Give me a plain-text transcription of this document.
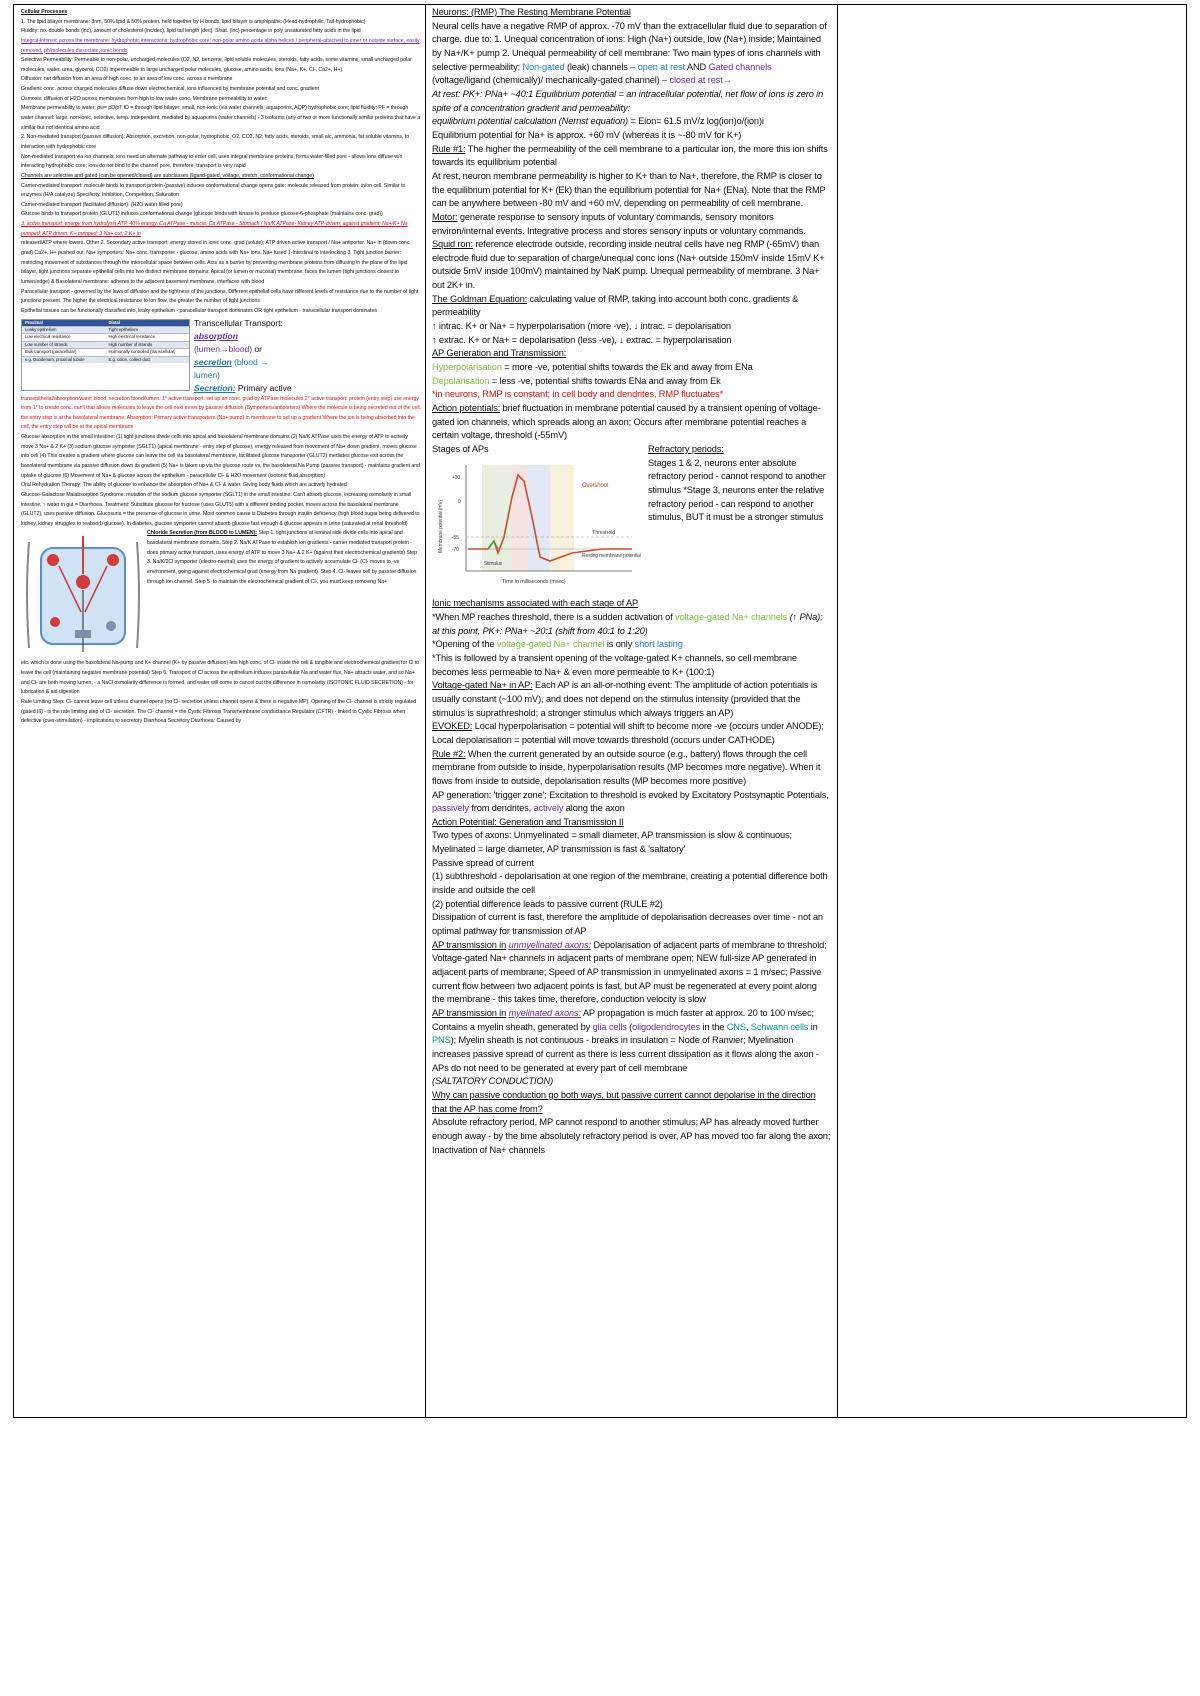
Cellular Processes

1. The lipid bilayer membrane: 3nm, 50% lipid & 50% protein, held together by H bonds, lipid bilayer is amphipathic (Head-hydrophilic, Tail-hydrophobic)

Fluidity: no. double bonds (inc), amount of cholesterol (inc/dec), lipid tail length (dec), S/sat. (inc) percentage in poly unsaturated fatty acids in the lipid

Integral-Intrinsic across the membrane: hydrophobic interactions; hydrophobic core; non-polar amino acids alpha helices / peripheral-attached to inner or outside surface, easily removed, ph/molecules dissociate, ionic bonds

Selective Permeability: Permeable to non-polar, uncharged molecules (O2, N2, benzene, lipid soluble molecules, steroids, fatty acids, some vitamins, small uncharged polar molecules, water, urea, glycerol, CO2) impermeable to large uncharged polar molecules, glucose, amino acids, ions (Na+, K+, Cl-, Ca2+, H+)

Diffusion: net diffusion from an area of high conc. to an area of low conc. across a membrane

Gradient: conc. across charged molecules diffuse down electrochemical, ions influenced by membrane potential and conc. gradient

Osmosis: diffusion of H2O across membranes from high to low water conc. Membrane permeability to water:

Membrane permeability to water: pw= pD/pT fD = through lipid bilayer: small, non-ionic (via water channels; aquaporins, AQP) hydrophobic core; lipid fluidity; PF = through water channel: large, non-ionic, selective, temp. independent, mediated by aquaporins (water channels) - 3 isoforms (any of two or more functionally similar proteins that have a similar but not identical amino acid

2. Non-mediated transport (passive diffusion): Absorption, excretion, non-polar, hydrophobic, O2, CO2, N2, fatty acids, steroids, small alc, ammonia, fat soluble vitamins, to interaction with hydrophobic core

Non-mediated transport via ion channels: ions need an alternate pathway to enter cell, uses integral membrane proteins, forms water-filled pore - allows ions diffuse w/o interacting hydrophobic core; ions do not bind to the channel pore, therefore, transport is very rapid

Channels are selective and gated (can be opened/closed) are subclasses (ligand-gated, voltage, stretch, conformational change)

Carrier-mediated transport: molecule binds to transport protein (passive) induces conformational change opens gate: molecule released from protein: in/on cell. Similar to enzymes (H/A catalyze) Specificity, Inhibition, Competition, Saturation

Carrier-mediated transport (facilitated diffusion): (H2O water filled pore)

Glucose binds to transport protein (GLUT1) induces conformational change (glucose binds with kinase to produce glucose-6-phosphate (maintains conc. grad))

3. active transport: energy from hydrolysis ATP, 40% energy. Ca ATPase - muscle, Ca ATPase - Stomach / Na/K ATPase- Kidney ATP-driven; against gradient; Na+/K+ Na pumped; ATP driven; K+ pumped; 3 Na+ out, 2 K+ in

released/ATP where lowers. Other 2. Secondary active transport: energy stored in ionic conc. grad (solute); ATP driven active transport / Na+ antiporter. Na+ in (down conc. grad) Ca2+, H+ pushed out. Na+ symporters: Na+ conc. transporter - glucose, amino acids with Na+ ions. Na+ fused 1-Intestinal to interlocking 3. Tight junction barrier: restricting movement of substances through the intercellular space between cells. Acts as a barrier by preventing membrane proteins from diffusing in the plane of the lipid bilayer, tight junctions separate epithelial cells into two distinct membrane domains: Apical (or lumen or mucosal) membrane: faces the lumen (tight junctions closest to lumen/edge) & Basolateral membrane: adheres to the adjacent basement membrane, interfaces with blood

Paracellular transport - governed by the laws of diffusion and the tightness of the junctions. Different epithelial cells have different levels of resistance due to the number of tight junctions present. The higher the electrical resistance to ion flow, the greater the number of tight junctions

Epithelial tissues can be functionally classified into, leaky epithelium - paracellular transport dominates OR tight epithelium - transcellular transport dominates

Proximal	Distal
Leaky epithelium	Tight epithelium
Low electrical resistance	High electrical resistance
Low number of strands	High number of strands
Bulk transport (paracellular)	Hormonally controlled (transcellular)
e.g. Duodenum, proximal tubule	E.g. colon, collect duct
Transcellular Transport:
absorption
(lumen→blood) or
secretion (blood →
lumen)
Secretion: Primary active

transepithelial/absorption/water blood, secretion blood/lumen. 1° active transport: set up an conc. grad by ATPase molecules 2° active transport: protein (entry step) use energy from 1° to create conc. can't that allows molecules to leave the cell next move by passive diffusion (Symporters/antiporters) Where the molecule is being secreted out of the cell, the entry step is at the basolateral membrane. Absorption: Primary active transporters (Na+ pump) in membrane to set up a gradient Where the ion is being absorbed into the cell, the entry step will be at the apical membrane

Glucose absorption in the small intestine: (1) tight junctions divide cells into apical and basolateral membrane domains (2) Na/K ATPase uses the energy of ATP to actively move 3 Na+ & 2 K+ (3) sodium glucose symporter (SGLT1) (apical membrane - entry step of glucose), energy released from movement of Na+ down gradient, moves glucose into cell (4) This creates a gradient where glucose can leave the cell via basolateral membrane, facilitated glucose transporter (GLUT2) mediates glucose exit across the basolateral membrane via passive diffusion down its gradient (5) Na+ is taken up via the glucose route vs. the basolateral Na Pump (passive transport) - maintains gradient and uptake of glucose (6) Movement of Na+ & glucose across the epithelium - paracellular Cl- & H2O movement (isotonic fluid absorption)

Oral Rehydration Therapy: The ability of glucose to enhance the absorption of Na+ & Cl- & water. Giving body fluids which are actively hydrated

Glucose-Galactose Malabsorption Syndrome: mutation of the sodium glucose symporter (SGLT1) in the small intestine. Can't absorb glucose, increasing osmolarity in small intestine, ↑ water in gut = Diarrhoea. Treatment: Substitute glucose for fructose (uses GLUT5) with a different binding pocket, moves across the basolateral membrane (GLUT2), uses passive diffusion. Glucosuria = the presence of glucose in urine. Most common cause is Diabetes through insulin deficiency (high blood sugar being delivered to kidney, kidney struggles to reabsorb glucose). In diabetes, glucose symporter cannot absorb glucose fast enough & glucose appears in urine (saturated at renal threshold)

Chloride Secretion (from BLOOD to LUMEN): Step 1. tight junctions at luminal side divide cells into apical and basolateral membrane domains. Step 2. Na/K ATPase to establish ion gradients - carrier mediated transport protein - does primary active transport, uses energy of ATP to move 3 Na+ & 2 K+ (against their electrochemical gradients) Step 3. Na/K/2Cl symporter (electro-neutral) uses the energy of gradient to actively accumulate Cl- (Cl- moves to -ve environment, going against electrochemical grad (energy from Na gradient). Step 4. Cl- leaves cell by passive diffusion through ion channel. Step 5. to maintain the electrochemical gradient of Cl-, you must keep removing Na+

etc. which is done using the basolateral Na-pump and K+ channel (K+ by passive diffusion) lets high conc. of Cl- inside the cell & tangible and electrochemical gradient for Cl to leave the cell (maintaining negative membrane potential) Step 6. Transport of Cl across the epithelium induces paracellular Na and water flux, Na+ attracts water, and so Na+ and Cl- are both moving lumen, - a NaCl osmolarity difference is formed, and water will come to cancel out the difference in osmolarity (ISOTONIC FLUID SECRETION) - for lubrication & aid digestion

Rate Limiting Step: Cl- cannot leave cell unless channel opens (no Cl- secretion unless channel opens & there is negative MP). Opening of the Cl- channel is strictly regulated (gated III) - is the rate limiting step of Cl- secretion. The Cl- channel = the Cystic Fibrosis Transmembrane conductance Regulator (CFTR) - linked to Cystic Fibrosis when defective (over-stimulation) - implications to secretory Diarrhoea Secretory Diarrhoea: Caused by

Neurons: (RMP) The Resting Membrane Potential

Neural cells have a negative RMP of approx. -70 mV than the extracellular fluid due to separation of charge. due to: 1. Unequal concentration of ions: High (Na+) outside, low (Na+) inside; Maintained by Na+/K+ pump 2. Unequal permeability of cell membrane: Two main types of ions channels with selective permeability: Non-gated (leak) channels – open at rest AND Gated channels (voltage/ligand (chemically)/ mechanically-gated channel) – closed at rest→

At rest: PK+: PNa+ ~40:1 Equilibrium potential = an intracellular potential, net flow of ions is zero in spite of a concentration gradient and permeability:

equilibrium potential calculation (Nernst equation) = Eion= 61.5 mV/z log(ion)o/(ion)i

Equilibrium potential for Na+ is approx. +60 mV (whereas it is ~-80 mV for K+)

Rule #1: The higher the permeability of the cell membrane to a particular ion, the more this ion shifts towards its equilibrium potential

At rest, neuron membrane permeability is higher to K+ than to Na+, therefore, the RMP is closer to the equilibrium potential for K+ (Ek) than the equilibrium potential for Na+ (ENa). Note that the RMP can be anywhere between -80 mV and +60 mV, depending on permeability of cell membrane.

Motor: generate response to sensory inputs of voluntary commands, sensory monitors environ/internal events. Integrative process and stores sensory inputs or voluntary commands. Squid ron: reference electrode outside, recording inside neutral cells have neg RMP (-65mV) than electrode fluid due to separation of charge/unequal conc ions (Na+ outside 150mV inside 15mV K+ outside 5mV inside 100mV) maintained by NaK pump. Unequal permeability of membrane. 3 Na+ out 2K+ in.

The Goldman Equation: calculating value of RMP, taking into account both conc. gradients & permeability

↑ intrac. K+ or Na+ = hyperpolarisation (more -ve), ↓ intrac. = depolarisation

↑ extrac. K+ or Na+ = depolarisation (less -ve), ↓ extrac. = hyperpolarisation

AP Generation and Transmission:

Hyperpolarisation = more -ve, potential shifts towards the Ek and away from ENa

Depolarisation = less -ve, potential shifts towards ENa and away from Ek

*in neurons, RMP is constant; in cell body and dendrites, RMP fluctuates*

Action potentials: brief fluctuation in membrane potential caused by a transient opening of voltage-gated ion channels, which spreads along an axon; Occurs after membrane potential reaches a certain voltage, threshold (-55mV)

Stages of APs

Overshoot
Threshold
Resting membrane potential
Stimulus
Time in milliseconds (msec)
Membrane potential (mV)
+30
0
-55
-70

Refractory periods:

Stages 1 & 2, neurons enter absolute refractory period - cannot respond to another stimulus *Stage 3, neurons enter the relative refractory period - can respond to another stimulus, BUT it must be a stronger stimulus

Ionic mechanisms associated with each stage of AP

*When MP reaches threshold, there is a sudden activation of voltage-gated Na+ channels (↑ PNa); at this point, PK+: PNa+ ~20:1 (shift from 40:1 to 1:20)

*Opening of the voltage-gated Na+ channel is only short lasting

*This is followed by a transient opening of the voltage-gated K+ channels, so cell membrane becomes less permeable to Na+ & even more permeable to K+ (100:1)

Voltage-gated Na+ in AP: Each AP is an all-or-nothing event: The amplitude of action potentials is usually constant (~100 mV), and does not depend on the stimulus intensity (provided that the stimulus is suprathreshold; a stronger stimulus which always triggers an AP)

EVOKED: Local hyperpolarisation = potential will shift to become more -ve (occurs under ANODE); Local depolarisation = potential will move towards threshold (occurs under CATHODE)

Rule #2: When the current generated by an outside source (e.g., battery) flows through the cell membrane from outside to inside, hyperpolarisation results (MP becomes more negative). When it flows from inside to outside, depolarisation results (MP becomes more positive)

AP generation: 'trigger zone'; Excitation to threshold is evoked by Excitatory Postsynaptic Potentials, passively from dendrites, actively along the axon

Action Potential: Generation and Transmission II

Two types of axons: Unmyelinated = small diameter, AP transmission is slow & continuous; Myelinated = large diameter, AP transmission is fast & 'saltatory'

Passive spread of current

(1) subthreshold - depolarisation at one region of the membrane, creating a potential difference both inside and outside the cell

(2) potential difference leads to passive current (RULE #2)

Dissipation of current is fast, therefore the amplitude of depolarisation decreases over time - not an optimal pathway for transmission of AP

AP transmission in unmyelinated axons: Depolarisation of adjacent parts of membrane to threshold; Voltage-gated Na+ channels in adjacent parts of membrane open; NEW full-size AP generated in adjacent parts of membrane; Speed of AP transmission in unmyelinated axons = 1 m/sec; Passive current flow between two adjacent points is fast, but AP must be regenerated at every point along the membrane - this takes time, therefore, conduction velocity is slow

AP transmission in myelinated axons: AP propagation is much faster at approx. 20 to 100 m/sec; Contains a myelin sheath, generated by glia cells (oligodendrocytes in the CNS, Schwann cells in PNS); Myelin sheath is not continuous - breaks in insulation = Node of Ranvier; Myelination increases passive spread of current as there is less current dissipation as it flows along the axon - APs do not need to be generated at every part of cell membrane

(SALTATORY CONDUCTION)

Why can passive conduction go both ways, but passive current cannot depolarise in the direction that the AP has come from?

Absolute refractory period, MP cannot respond to another stimulus; AP has already moved further enough away - by the time absolutely refractory period is over, AP has moved too far along the axon; Inactivation of Na+ channels
